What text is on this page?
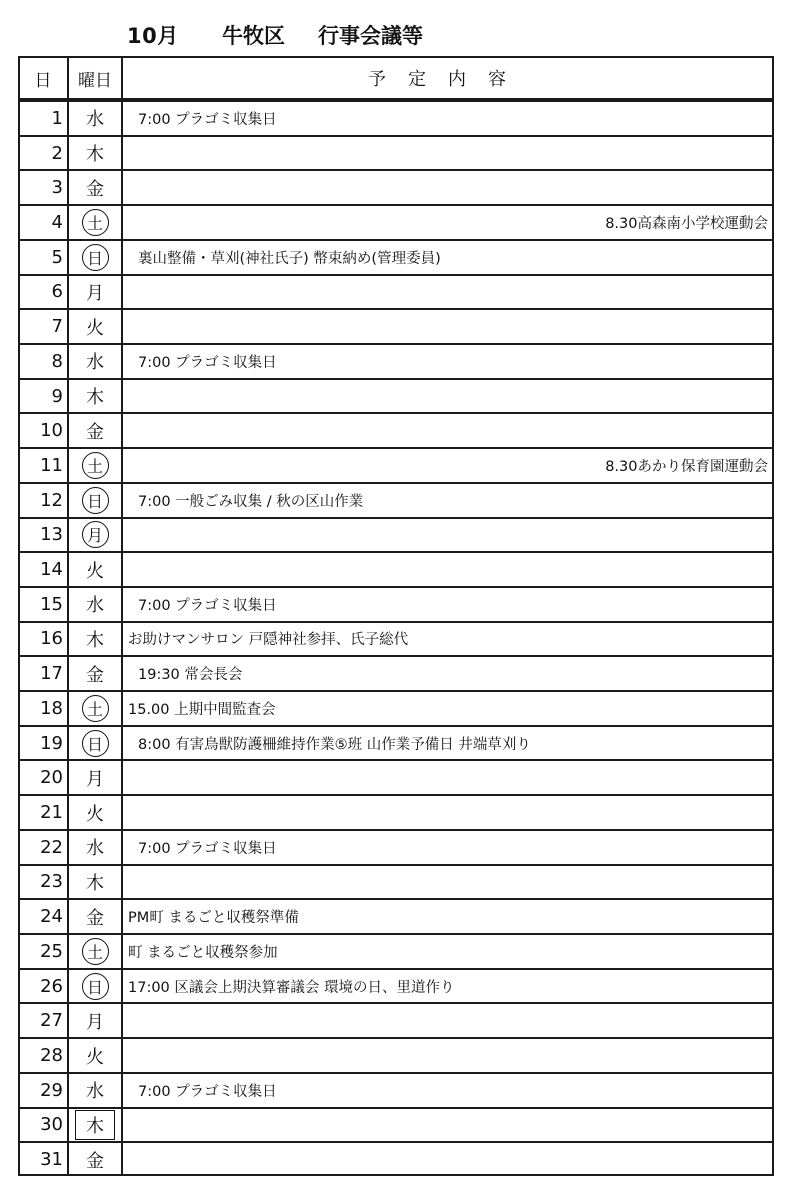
10月 牛牧区 行事会議等
日	曜日	予定内容
1 水	7:00 プラゴミ収集日
2 木
3 金
4	土	8.30高森南小学校運動会
5	日	裏山整備・草刈(神社氏子) 幣束納め(管理委員)
6 月
7 火
8 水	7:00 プラゴミ収集日
9 木
10 金
11	土	8.30あかり保育園運動会
12	日	7:00 一般ごみ収集 / 秋の区山作業
13	月
14 火
15 水	7:00 プラゴミ収集日
16 木	お助けマンサロン 戸隠神社参拝、氏子総代
17 金	19:30 常会長会
18	土	15.00 上期中間監査会
19	日	8:00 有害鳥獣防護柵維持作業⑤班 山作業予備日 井端草刈り
20 月
21 火
22 水	7:00 プラゴミ収集日
23 木
24 金	PM町 まるごと収穫祭準備
25	土	町 まるごと収穫祭参加
26	日	17:00 区議会上期決算審議会 環境の日、里道作り
27 月
28 火
29 水	7:00 プラゴミ収集日
30	木
31 金
